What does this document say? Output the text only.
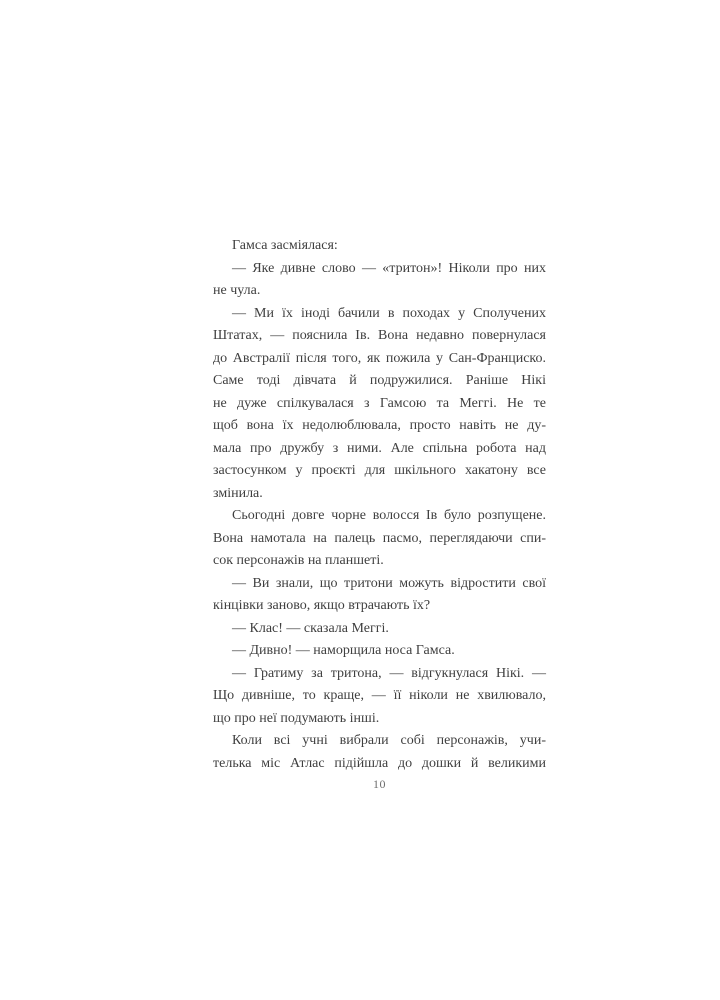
Гамса засміялася:
— Яке дивне слово — «тритон»! Ніколи про них
не чула.
— Ми їх іноді бачили в походах у Сполучених
Штатах, — пояснила Ів. Вона недавно повернулася
до Австралії після того, як пожила у Сан-Франциско.
Саме тоді дівчата й подружилися. Раніше Нікі
не дуже спілкувалася з Гамсою та Меггі. Не те
щоб вона їх недолюблювала, просто навіть не ду-
мала про дружбу з ними. Але спільна робота над
застосунком у проєкті для шкільного хакатону все
змінила.
Сьогодні довге чорне волосся Ів було розпущене.
Вона намотала на палець пасмо, переглядаючи спи-
сок персонажів на планшеті.
— Ви знали, що тритони можуть відростити свої
кінцівки заново, якщо втрачають їх?
— Клас! — сказала Меггі.
— Дивно! — наморщила носа Гамса.
— Гратиму за тритона, — відгукнулася Нікі. —
Що дивніше, то краще, — її ніколи не хвилювало,
що про неї подумають інші.
Коли всі учні вибрали собі персонажів, учи-
телька міс Атлас підійшла до дошки й великими
10
